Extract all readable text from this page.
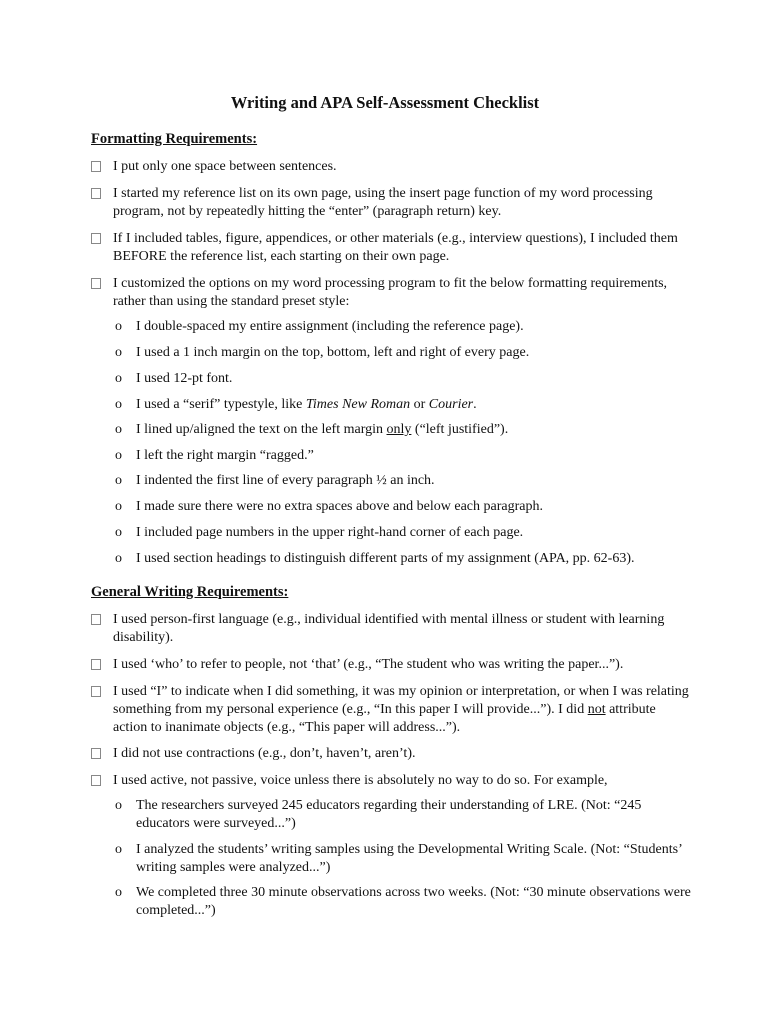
Writing and APA Self-Assessment Checklist
Formatting Requirements:
I put only one space between sentences.
I started my reference list on its own page, using the insert page function of my word processing program, not by repeatedly hitting the “enter” (paragraph return) key.
If I included tables, figure, appendices, or other materials (e.g., interview questions), I included them BEFORE the reference list, each starting on their own page.
I customized the options on my word processing program to fit the below formatting requirements, rather than using the standard preset style:
o I double-spaced my entire assignment (including the reference page).
o I used a 1 inch margin on the top, bottom, left and right of every page.
o I used 12-pt font.
o I used a “serif” typestyle, like Times New Roman or Courier.
o I lined up/aligned the text on the left margin only (“left justified”).
o I left the right margin “ragged.”
o I indented the first line of every paragraph ½ an inch.
o I made sure there were no extra spaces above and below each paragraph.
o I included page numbers in the upper right-hand corner of each page.
o I used section headings to distinguish different parts of my assignment (APA, pp. 62-63).
General Writing Requirements:
I used person-first language (e.g., individual identified with mental illness or student with learning disability).
I used ‘who’ to refer to people, not ‘that’ (e.g., “The student who was writing the paper...”).
I used “I” to indicate when I did something, it was my opinion or interpretation, or when I was relating something from my personal experience (e.g., “In this paper I will provide...”). I did not attribute action to inanimate objects (e.g., “This paper will address...”).
I did not use contractions (e.g., don’t, haven’t, aren’t).
I used active, not passive, voice unless there is absolutely no way to do so. For example,
o The researchers surveyed 245 educators regarding their understanding of LRE. (Not: “245 educators were surveyed...”)
o I analyzed the students’ writing samples using the Developmental Writing Scale. (Not: “Students’ writing samples were analyzed...”)
o We completed three 30 minute observations across two weeks. (Not: “30 minute observations were completed...”)
